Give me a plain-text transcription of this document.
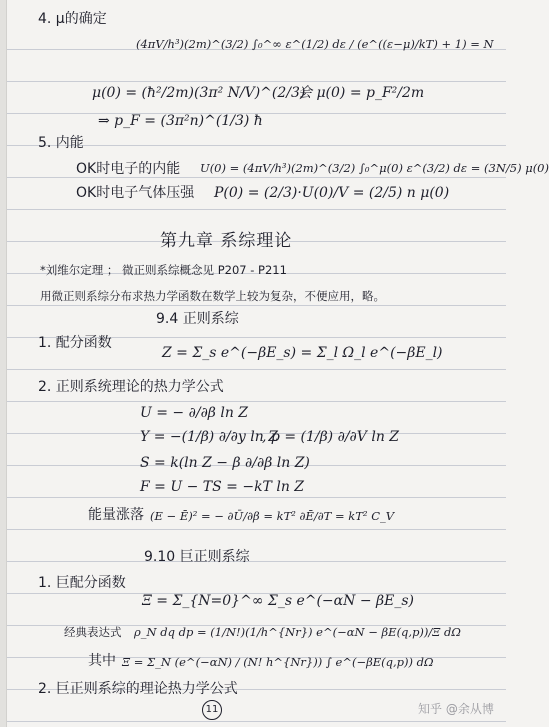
4. μ的确定
(4πV/h³)(2m)^(3/2) ∫₀^∞ ε^(1/2) dε / (e^((ε−μ)/kT) + 1) = N
μ(0) = (ħ²/2m)(3π² N/V)^(2/3)
会 μ(0) = p_F²/2m
⇒ p_F = (3π²n)^(1/3) ħ
5. 内能
OK时电子的内能 U(0) = (4πV/h³)(2m)^(3/2) ∫₀^μ(0) ε^(3/2) dε = (3N/5) μ(0)
OK时电子气体压强 P(0) = (2/3)·U(0)/V = (2/5) n μ(0)
第九章 系综理论
*刘维尔定理 ； 微正则系综概念见 P207 - P211
用微正则系综分布求热力学函数在数学上较为复杂，不便应用，略。
9.4 正则系综
1. 配分函数
Z = Σ_s e^(−βE_s) = Σ_l Ω_l e^(−βE_l)
2. 正则系统理论的热力学公式
U = − ∂/∂β ln Z
Y = −(1/β) ∂/∂y ln Z
, p = (1/β) ∂/∂V ln Z
S = k(ln Z − β ∂/∂β ln Z)
F = U − TS = −kT ln Z
能量涨落 (E − Ē)² = − ∂Ū/∂β = kT² ∂Ē/∂T = kT² C_V
9.10 巨正则系综
1. 巨配分函数
Ξ = Σ_{N=0}^∞ Σ_s e^(−αN − βE_s)
经典表达式 ρ_N dq dp = (1/N!)(1/h^{Nr}) e^(−αN − βE(q,p))/Ξ dΩ
其中 Ξ = Σ_N (e^(−αN) / (N! h^{Nr})) ∫ e^(−βE(q,p)) dΩ
2. 巨正则系综的理论热力学公式
11	知乎 @余从博
